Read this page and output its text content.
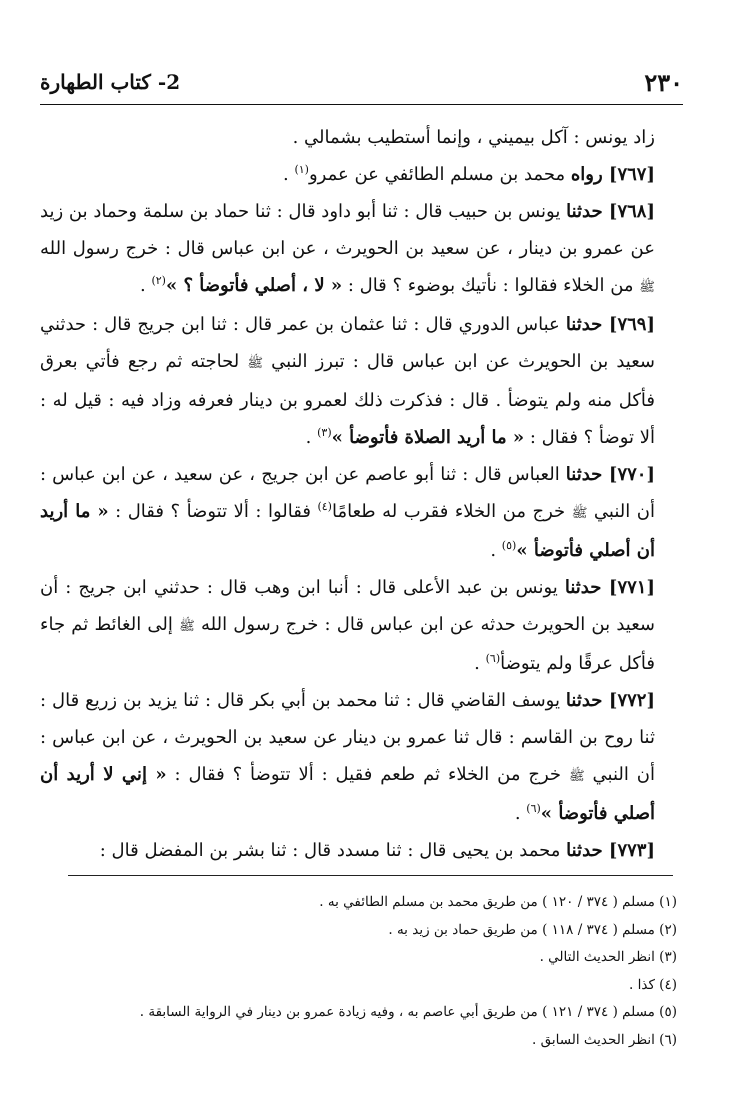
٢٣٠
2- كتاب الطهارة

زاد يونس : آكل بيميني ، وإنما أستطيب بشمالي .

[٧٦٧] رواه محمد بن مسلم الطائفي عن عمرو$^{(١)}$ .

[٧٦٨] حدثنا يونس بن حبيب قال : ثنا أبو داود قال : ثنا حماد بن سلمة وحماد بن زيد عن عمرو بن دينار ، عن سعيد بن الحويرث ، عن ابن عباس قال : خرج رسول الله ﷺ من الخلاء فقالوا : نأتيك بوضوء ؟ قال : « لا ، أصلي فأتوضأ ؟ »$^{(٢)}$ .

[٧٦٩] حدثنا عباس الدوري قال : ثنا عثمان بن عمر قال : ثنا ابن جريج قال : حدثني سعيد بن الحويرث عن ابن عباس قال : تبرز النبي ﷺ لحاجته ثم رجع فأتي بعرق فأكل منه ولم يتوضأ . قال : فذكرت ذلك لعمرو بن دينار فعرفه وزاد فيه : قيل له : ألا توضأ ؟ فقال : « ما أريد الصلاة فأتوضأ »$^{(٣)}$ .

[٧٧٠] حدثنا العباس قال : ثنا أبو عاصم عن ابن جريج ، عن سعيد ، عن ابن عباس : أن النبي ﷺ خرج من الخلاء فقرب له طعامًا$^{(٤)}$ فقالوا : ألا تتوضأ ؟ فقال : « ما أريد أن أصلي فأتوضأ »$^{(٥)}$ .

[٧٧١] حدثنا يونس بن عبد الأعلى قال : أنبا ابن وهب قال : حدثني ابن جريج : أن سعيد بن الحويرث حدثه عن ابن عباس قال : خرج رسول الله ﷺ إلى الغائط ثم جاء فأكل عرقًا ولم يتوضأ$^{(٦)}$ .

[٧٧٢] حدثنا يوسف القاضي قال : ثنا محمد بن أبي بكر قال : ثنا يزيد بن زريع قال : ثنا روح بن القاسم : قال ثنا عمرو بن دينار عن سعيد بن الحويرث ، عن ابن عباس : أن النبي ﷺ خرج من الخلاء ثم طعم فقيل : ألا تتوضأ ؟ فقال : « إني لا أريد أن أصلي فأتوضأ »$^{(٦)}$ .

[٧٧٣] حدثنا محمد بن يحيى قال : ثنا مسدد قال : ثنا بشر بن المفضل قال :

(١) مسلم ( ٣٧٤ / ١٢٠ ) من طريق محمد بن مسلم الطائفي به .

(٢) مسلم ( ٣٧٤ / ١١٨ ) من طريق حماد بن زيد به .

(٣) انظر الحديث التالي .

(٤) كذا .

(٥) مسلم ( ٣٧٤ / ١٢١ ) من طريق أبي عاصم به ، وفيه زيادة عمرو بن دينار في الرواية السابقة .

(٦) انظر الحديث السابق .
